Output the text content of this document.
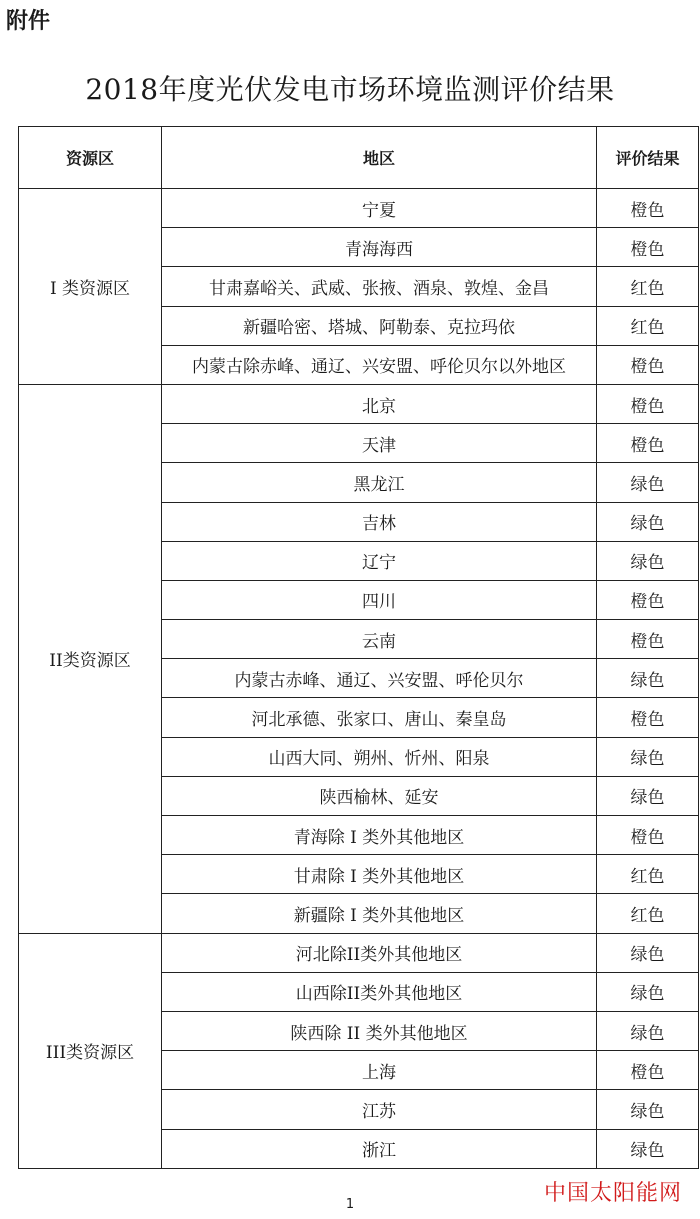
附件
2018年度光伏发电市场环境监测评价结果
资源区	地区	评价结果
I 类资源区	宁夏	橙色
	青海海西	橙色
	甘肃嘉峪关、武威、张掖、酒泉、敦煌、金昌	红色
	新疆哈密、塔城、阿勒泰、克拉玛依	红色
	内蒙古除赤峰、通辽、兴安盟、呼伦贝尔以外地区	橙色
II类资源区	北京	橙色
	天津	橙色
	黑龙江	绿色
	吉林	绿色
	辽宁	绿色
	四川	橙色
	云南	橙色
	内蒙古赤峰、通辽、兴安盟、呼伦贝尔	绿色
	河北承德、张家口、唐山、秦皇岛	橙色
	山西大同、朔州、忻州、阳泉	绿色
	陕西榆林、延安	绿色
	青海除 I 类外其他地区	橙色
	甘肃除 I 类外其他地区	红色
	新疆除 I 类外其他地区	红色
III类资源区	河北除II类外其他地区	绿色
	山西除II类外其他地区	绿色
	陕西除 II 类外其他地区	绿色
	上海	橙色
	江苏	绿色
	浙江	绿色
1	中国太阳能网
